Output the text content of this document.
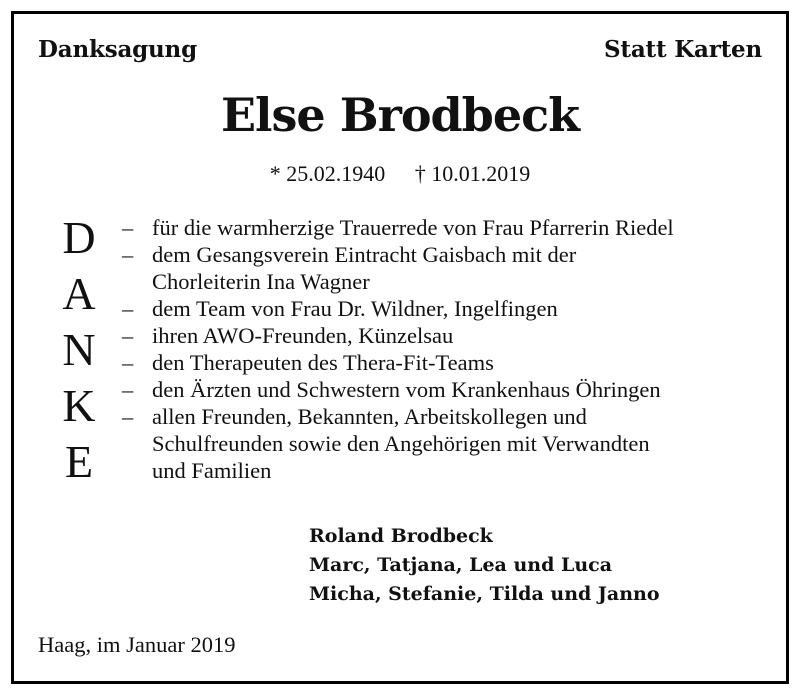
Danksagung	Statt Karten
Else Brodbeck
* 25.02.1940 † 10.01.2019
D
A
N
K
E
– für die warmherzige Trauerrede von Frau Pfarrerin Riedel
– dem Gesangsverein Eintracht Gaisbach mit der
Chorleiterin Ina Wagner
– dem Team von Frau Dr. Wildner, Ingelfingen
– ihren AWO-Freunden, Künzelsau
– den Therapeuten des Thera-Fit-Teams
– den Ärzten und Schwestern vom Krankenhaus Öhringen
– allen Freunden, Bekannten, Arbeitskollegen und
Schulfreunden sowie den Angehörigen mit Verwandten
und Familien
Roland Brodbeck
Marc, Tatjana, Lea und Luca
Micha, Stefanie, Tilda und Janno
Haag, im Januar 2019
